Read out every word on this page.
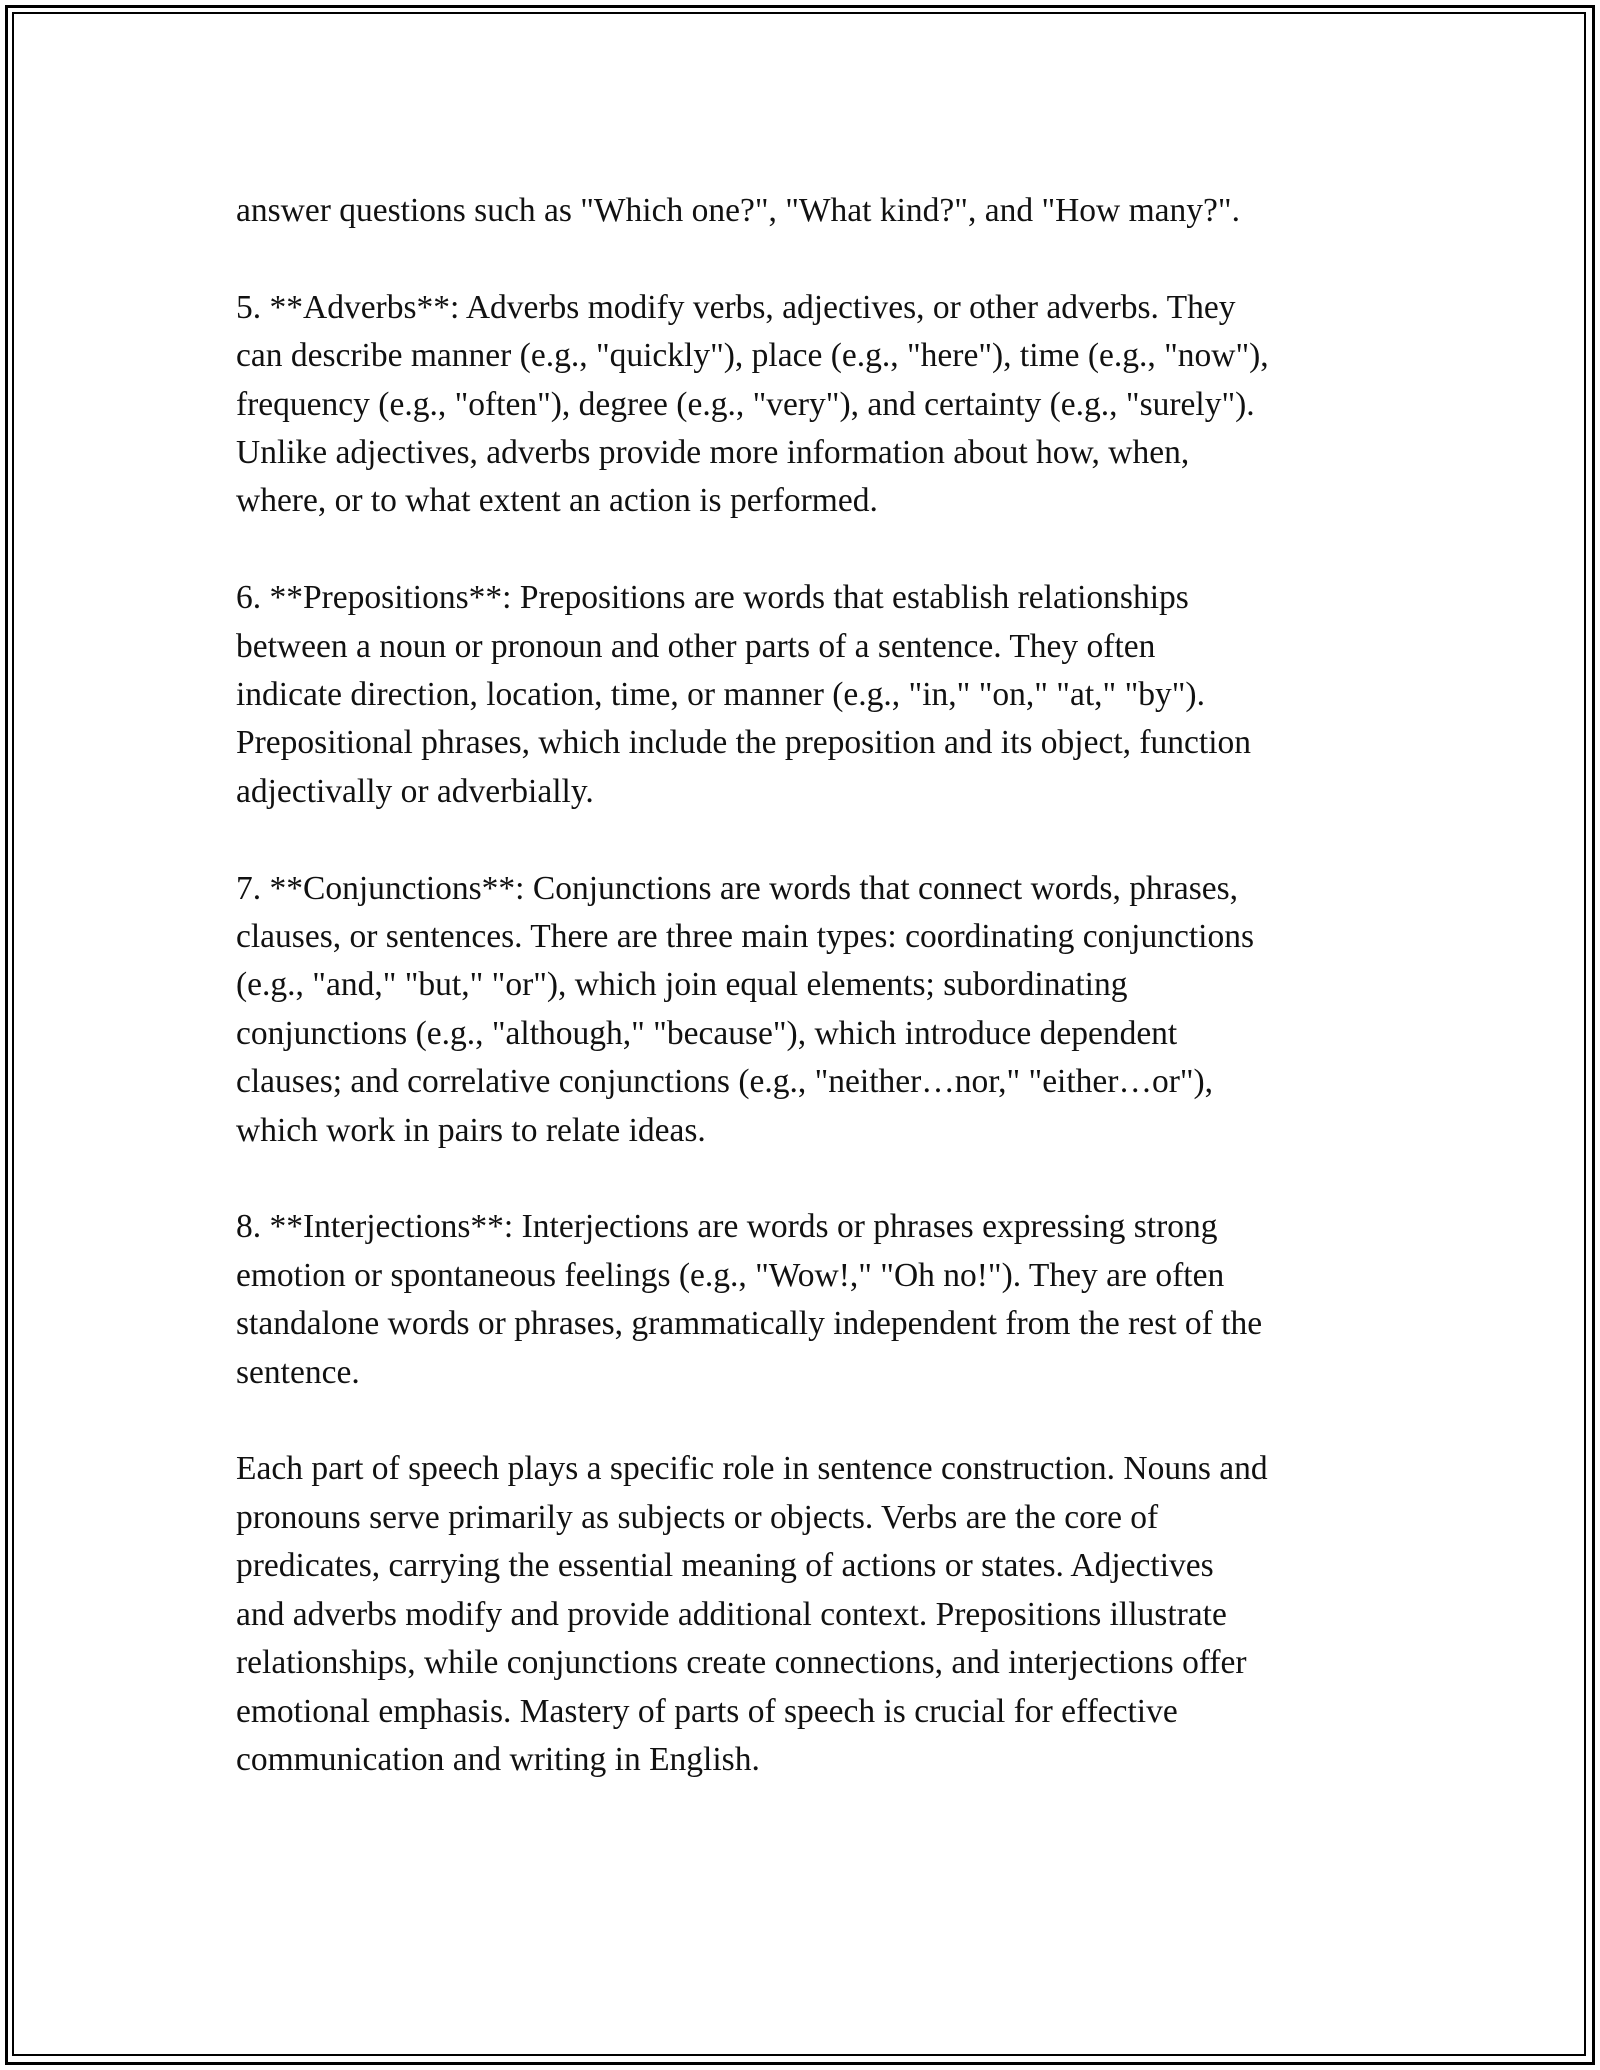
answer questions such as "Which one?", "What kind?", and "How many?".

5. **Adverbs**: Adverbs modify verbs, adjectives, or other adverbs. They
can describe manner (e.g., "quickly"), place (e.g., "here"), time (e.g., "now"),
frequency (e.g., "often"), degree (e.g., "very"), and certainty (e.g., "surely").
Unlike adjectives, adverbs provide more information about how, when,
where, or to what extent an action is performed.

6. **Prepositions**: Prepositions are words that establish relationships
between a noun or pronoun and other parts of a sentence. They often
indicate direction, location, time, or manner (e.g., "in," "on," "at," "by").
Prepositional phrases, which include the preposition and its object, function
adjectivally or adverbially.

7. **Conjunctions**: Conjunctions are words that connect words, phrases,
clauses, or sentences. There are three main types: coordinating conjunctions
(e.g., "and," "but," "or"), which join equal elements; subordinating
conjunctions (e.g., "although," "because"), which introduce dependent
clauses; and correlative conjunctions (e.g., "neither…nor," "either…or"),
which work in pairs to relate ideas.

8. **Interjections**: Interjections are words or phrases expressing strong
emotion or spontaneous feelings (e.g., "Wow!," "Oh no!"). They are often
standalone words or phrases, grammatically independent from the rest of the
sentence.

Each part of speech plays a specific role in sentence construction. Nouns and
pronouns serve primarily as subjects or objects. Verbs are the core of
predicates, carrying the essential meaning of actions or states. Adjectives
and adverbs modify and provide additional context. Prepositions illustrate
relationships, while conjunctions create connections, and interjections offer
emotional emphasis. Mastery of parts of speech is crucial for effective
communication and writing in English.
